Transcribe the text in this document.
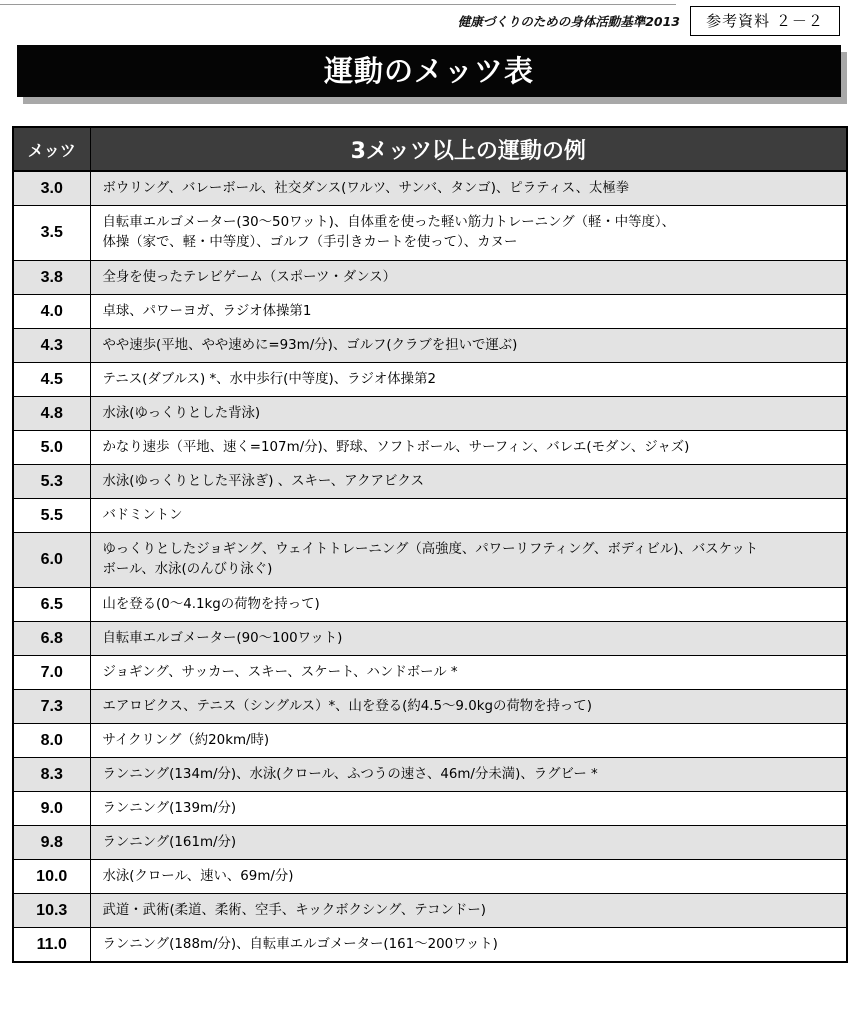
健康づくりのための身体活動基準2013	参考資料 ２－２
運動のメッツ表
メッツ	3メッツ以上の運動の例
3.0	ボウリング、バレーボール、社交ダンス(ワルツ、サンバ、タンゴ)、ピラティス、太極拳
3.5	自転車エルゴメーター(30～50ワット)、自体重を使った軽い筋力トレーニング（軽・中等度）、
体操（家で、軽・中等度）、ゴルフ（手引きカートを使って）、カヌー
3.8	全身を使ったテレビゲーム（スポーツ・ダンス）
4.0	卓球、パワーヨガ、ラジオ体操第1
4.3	やや速歩(平地、やや速めに=93m/分)、ゴルフ(クラブを担いで運ぶ)
4.5	テニス(ダブルス) *、水中歩行(中等度)、ラジオ体操第2
4.8	水泳(ゆっくりとした背泳)
5.0	かなり速歩（平地、速く=107m/分)、野球、ソフトボール、サーフィン、バレエ(モダン、ジャズ)
5.3	水泳(ゆっくりとした平泳ぎ) 、スキー、アクアビクス
5.5	バドミントン
6.0	ゆっくりとしたジョギング、ウェイトトレーニング（高強度、パワーリフティング、ボディビル)、バスケット
ボール、水泳(のんびり泳ぐ)
6.5	山を登る(0～4.1kgの荷物を持って)
6.8	自転車エルゴメーター(90～100ワット)
7.0	ジョギング、サッカー、スキー、スケート、ハンドボール *
7.3	エアロビクス、テニス（シングルス）*、山を登る(約4.5～9.0kgの荷物を持って)
8.0	サイクリング（約20km/時)
8.3	ランニング(134m/分)、水泳(クロール、ふつうの速さ、46m/分未満)、ラグビー *
9.0	ランニング(139m/分)
9.8	ランニング(161m/分)
10.0	水泳(クロール、速い、69m/分)
10.3	武道・武術(柔道、柔術、空手、キックボクシング、テコンドー)
11.0	ランニング(188m/分)、自転車エルゴメーター(161～200ワット)
